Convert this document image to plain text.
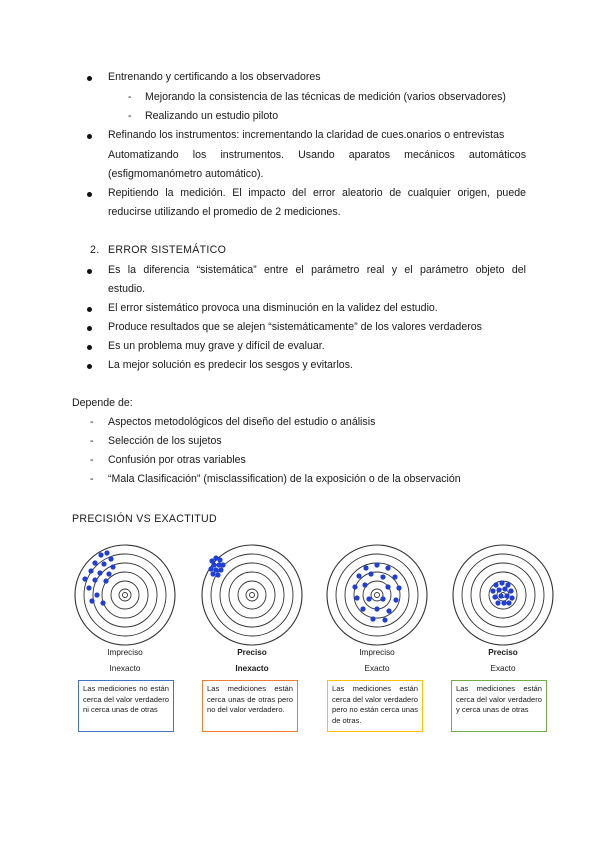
Entrenando y certificando a los observadores
- Mejorando la consistencia de las técnicas de medición (varios observadores)
- Realizando un estudio piloto
Refinando los instrumentos: incrementando la claridad de cues.onarios o entrevistas
Automatizando los instrumentos. Usando aparatos mecánicos automáticos
(esfigmomanómetro automático).
Repitiendo la medición. El impacto del error aleatorio de cualquier origen, puede
reducirse utilizando el promedio de 2 mediciones.
2. ERROR SISTEMÁTICO
Es la diferencia “sistemática” entre el parámetro real y el parámetro objeto del
estudio.
El error sistemático provoca una disminución en la validez del estudio.
Produce resultados que se alejen “sistemáticamente” de los valores verdaderos
Es un problema muy grave y difícil de evaluar.
La mejor solución es predecir los sesgos y evitarlos.
Depende de:
- Aspectos metodológicos del diseño del estudio o análisis
- Selección de los sujetos
- Confusión por otras variables
- “Mala Clasificación” (misclassification) de la exposición o de la observación
PRECISIÓN VS EXACTITUD
Impreciso
Inexacto
Preciso
Inexacto
Impreciso
Exacto
Preciso
Exacto
Las mediciones no están cerca del valor verdadero ni cerca unas de otras
Las mediciones están cerca unas de otras pero no del valor verdadero.
Las mediciones están cerca del valor verdadero pero no están cerca unas de otras.
Las mediciones están cerca del valor verdadero y cerca unas de otras
